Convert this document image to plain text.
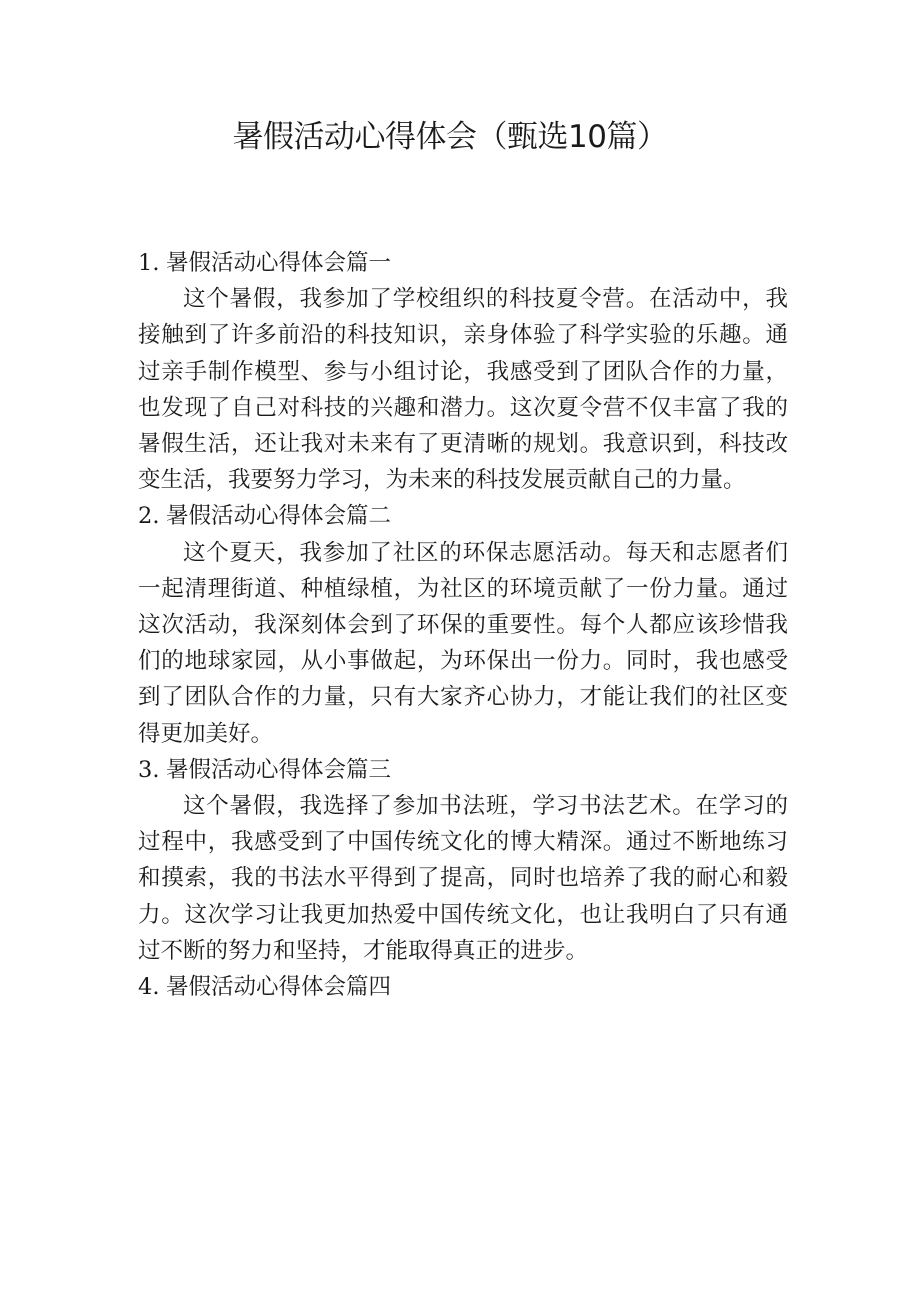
暑假活动心得体会（甄选10篇）

1. 暑假活动心得体会篇一

这个暑假，我参加了学校组织的科技夏令营。在活动中，我接触到了许多前沿的科技知识，亲身体验了科学实验的乐趣。通过亲手制作模型、参与小组讨论，我感受到了团队合作的力量，也发现了自己对科技的兴趣和潜力。这次夏令营不仅丰富了我的暑假生活，还让我对未来有了更清晰的规划。我意识到，科技改变生活，我要努力学习，为未来的科技发展贡献自己的力量。

2. 暑假活动心得体会篇二

这个夏天，我参加了社区的环保志愿活动。每天和志愿者们一起清理街道、种植绿植，为社区的环境贡献了一份力量。通过这次活动，我深刻体会到了环保的重要性。每个人都应该珍惜我们的地球家园，从小事做起，为环保出一份力。同时，我也感受到了团队合作的力量，只有大家齐心协力，才能让我们的社区变得更加美好。

3. 暑假活动心得体会篇三

这个暑假，我选择了参加书法班，学习书法艺术。在学习的过程中，我感受到了中国传统文化的博大精深。通过不断地练习和摸索，我的书法水平得到了提高，同时也培养了我的耐心和毅力。这次学习让我更加热爱中国传统文化，也让我明白了只有通过不断的努力和坚持，才能取得真正的进步。

4. 暑假活动心得体会篇四
